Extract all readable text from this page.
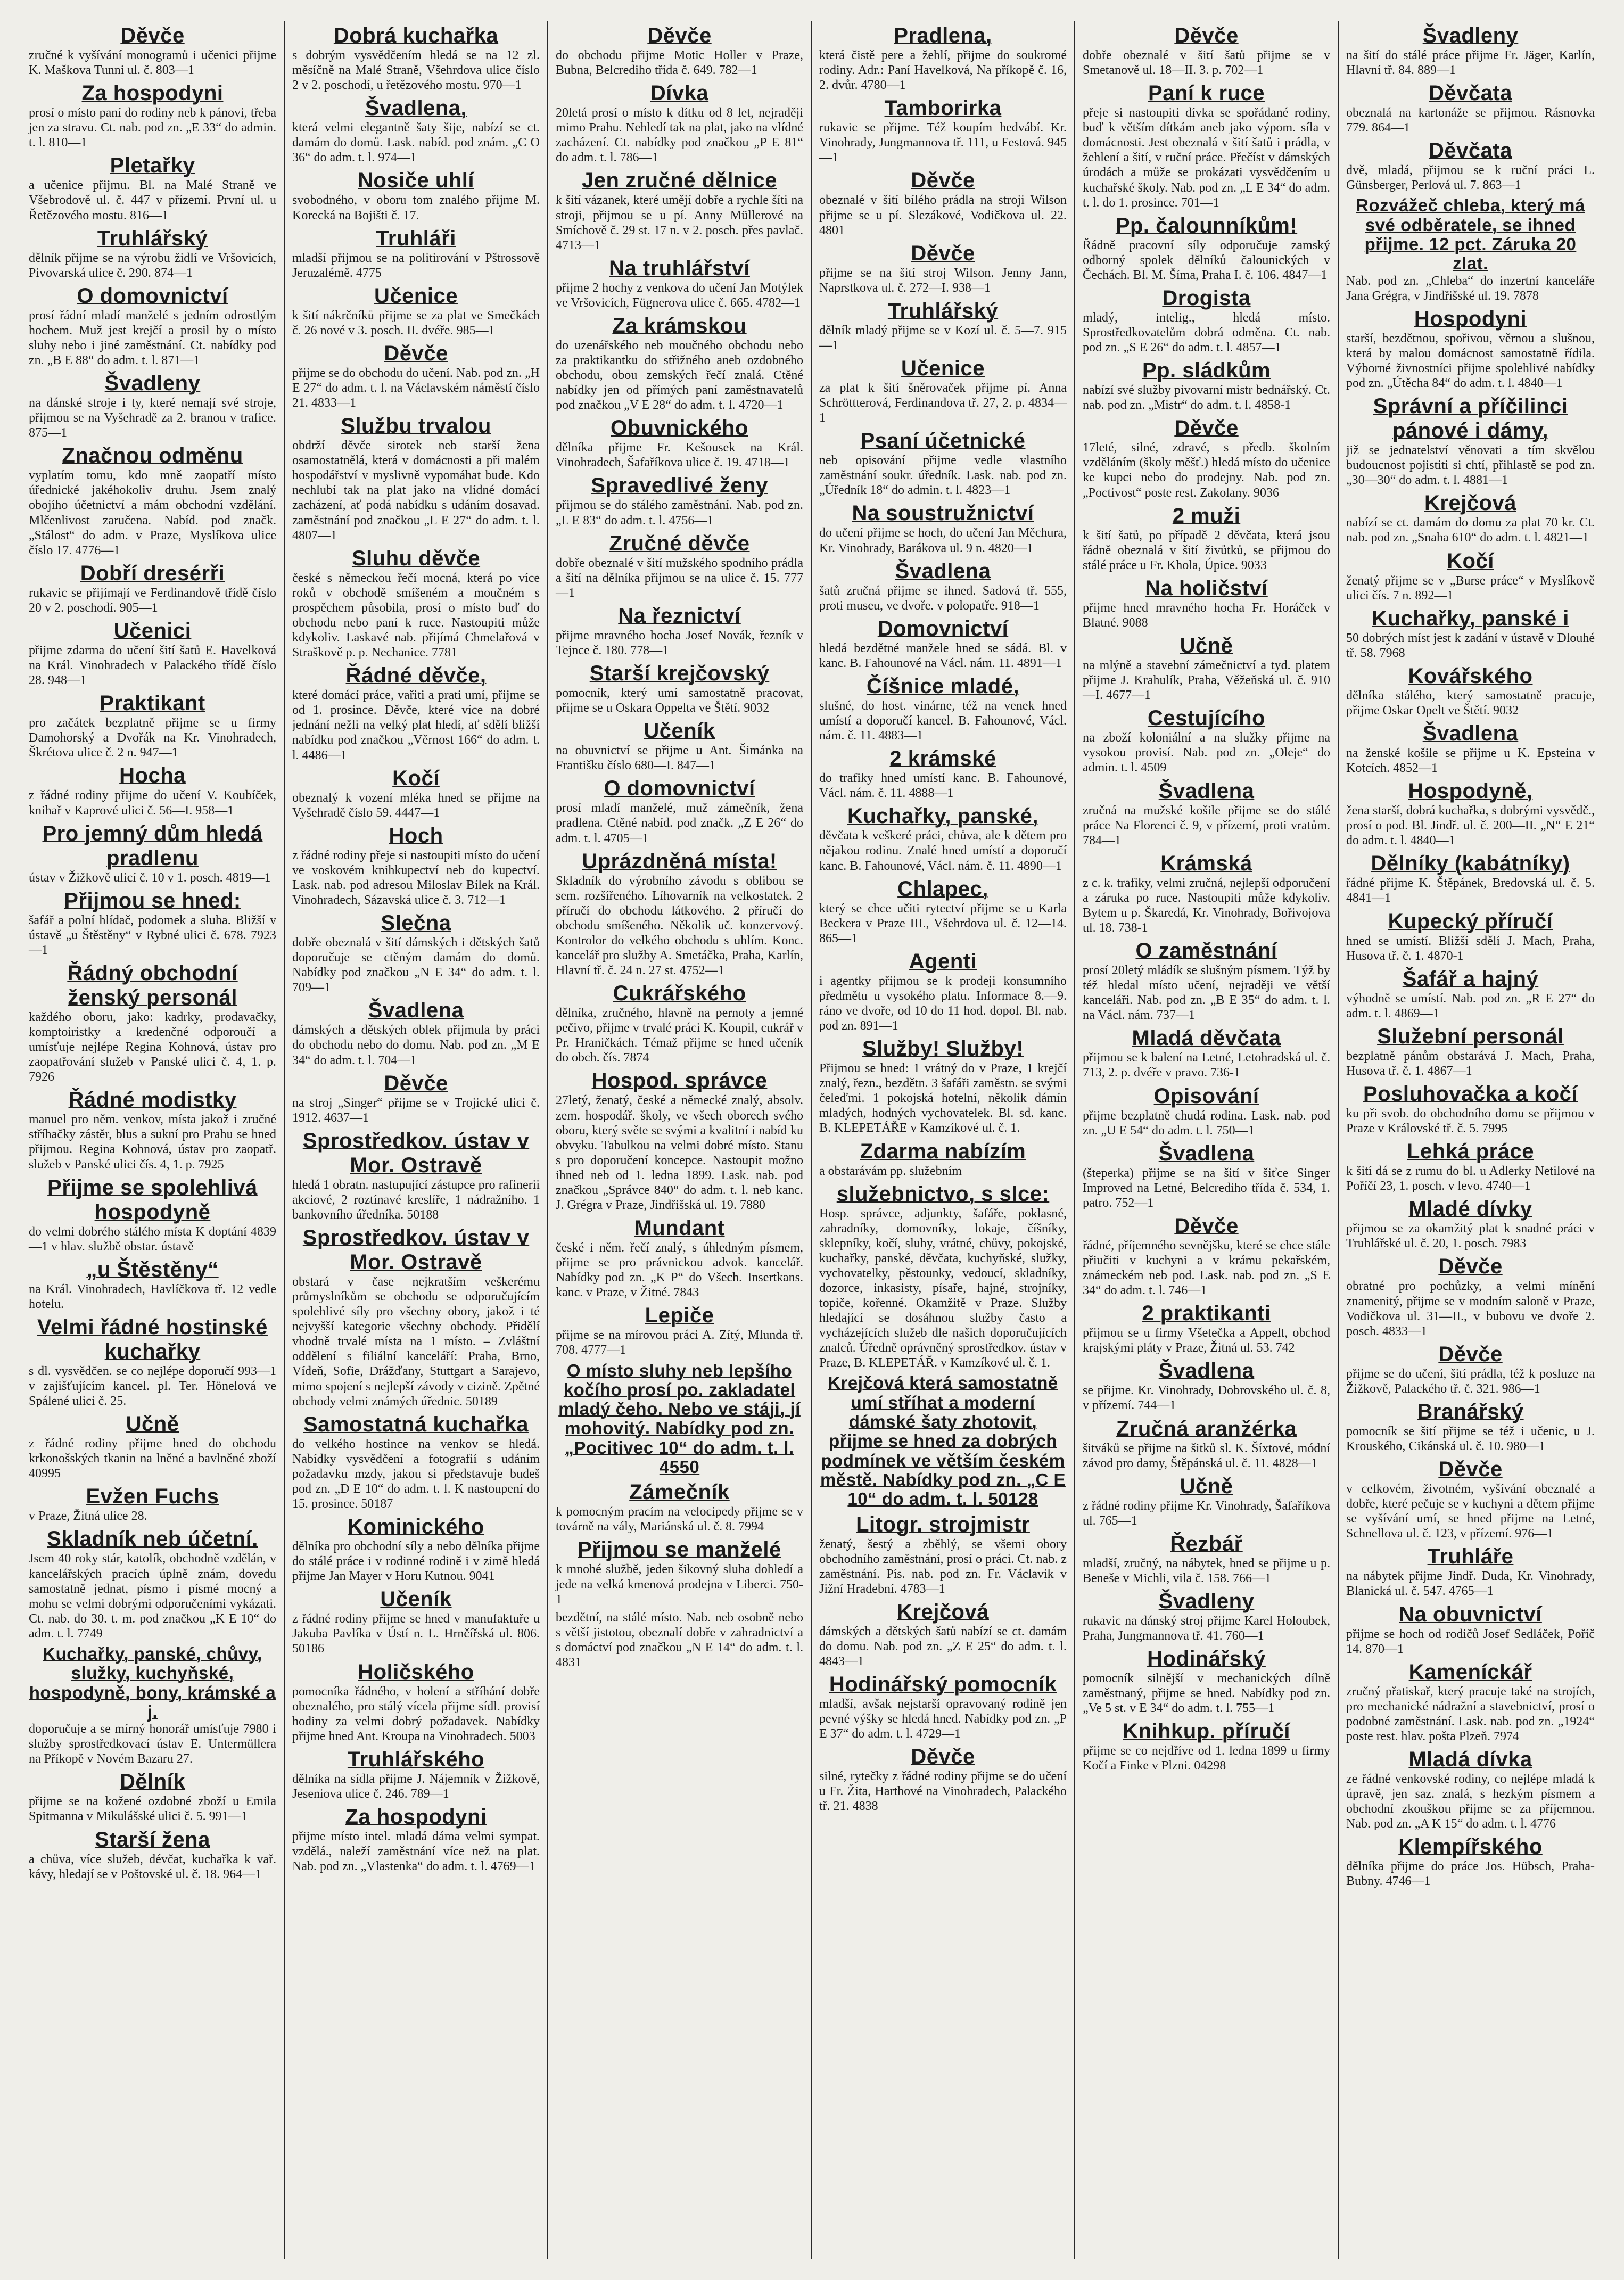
Děvče
zručné k vyšívání monogramů i učenici přijme K. Maškova Tunni ul. č. 803—1
Za hospodyni
prosí o místo paní do rodiny neb k pánovi, třeba jen za stravu. Ct. nab. pod zn. „E 33“ do admin. t. l. 810—1
Pletařky
a učenice přijmu. Bl. na Malé Straně ve Všebrodově ul. č. 447 v přízemí. První ul. u Řetězového mostu. 816—1
Truhlářský
dělník přijme se na výrobu židlí ve Vršovicích, Pivovarská ulice č. 290. 874—1
O domovnictví
prosí řádní mladí manželé s jedním odrostlým hochem. Muž jest krejčí a prosil by o místo sluhy nebo i jiné zaměstnání. Ct. nabídky pod zn. „B E 88“ do adm. t. l. 871—1
Švadleny
na dánské stroje i ty, které nemají své stroje, přijmou se na Vyšehradě za 2. branou v trafice. 875—1
Značnou odměnu
vyplatím tomu, kdo mně zaopatří místo úřednické jakéhokoliv druhu. Jsem znalý obojího účetnictví a mám obchodní vzdělání. Mlčenlivost zaručena. Nabíd. pod značk. „Stálost“ do adm. v Praze, Myslíkova ulice číslo 17. 4776—1
Dobří dresérři
rukavic se přijímají ve Ferdinandově třídě číslo 20 v 2. poschodí. 905—1
Učenici
přijme zdarma do učení šití šatů E. Havelková na Král. Vinohradech v Palackého třídě číslo 28. 948—1
Praktikant
pro začátek bezplatně přijme se u firmy Damohorský a Dvořák na Kr. Vinohradech, Škrétova ulice č. 2 n. 947—1
Hocha
z řádné rodiny přijme do učení V. Koubíček, knihař v Kaprové ulici č. 56—I. 958—1
Pro jemný dům hledá pradlenu
ústav v Žižkově ulicí č. 10 v 1. posch. 4819—1
Přijmou se hned:
šafář a polní hlídač, podomek a sluha. Bližší v ústavě „u Štěstěny“ v Rybné ulici č. 678. 7923—1
Řádný obchodní ženský personál
každého oboru, jako: kadrky, prodavačky, komptoiristky a kredenčné odporoučí a umísťuje nejlépe Regina Kohnová, ústav pro zaopatřování služeb v Panské ulici č. 4, 1. p. 7926
Řádné modistky
manuel pro něm. venkov, místa jakož i zručné stříhačky zástěr, blus a sukní pro Prahu se hned přijmou. Regina Kohnová, ústav pro zaopatř. služeb v Panské ulici čís. 4, 1. p. 7925
Přijme se spolehlivá hospodyně
do velmi dobrého stálého místa K doptání 4839—1 v hlav. službě obstar. ústavě
„u Štěstěny“
na Král. Vinohradech, Havlíčkova tř. 12 vedle hotelu.
Velmi řádné hostinské kuchařky
s dl. vysvědčen. se co nejlépe doporučí 993—1 v zajišťujícím kancel. pl. Ter. Hönelová ve Spálené ulici č. 25.
Učně
z řádné rodiny přijme hned do obchodu krkonošských tkanin na lněné a bavlněné zboží 40995
Evžen Fuchs
v Praze, Žitná ulice 28.
Skladník neb účetní.
Jsem 40 roky stár, katolík, obchodně vzdělán, v kancelářských pracích úplně znám, dovedu samostatně jednat, písmo i písmé mocný a mohu se velmi dobrými odporučeními vykázati. Ct. nab. do 30. t. m. pod značkou „K E 10“ do adm. t. l. 7749
Kuchařky, panské, chůvy, služky, kuchyňské, hospodyně, bony, krámské a j.
doporučuje a se mírný honorář umísťuje 7980 i služby sprostředkovací ústav E. Untermüllera na Příkopě v Novém Bazaru 27.
Dělník
přijme se na kožené ozdobné zboží u Emila Spitmanna v Mikulášské ulici č. 5. 991—1
Starší žena
a chůva, více služeb, dévčat, kuchařka k vař. kávy, hledají se v Poštovské ul. č. 18. 964—1
Dobrá kuchařka
s dobrým vysvědčením hledá se na 12 zl. měsíčně na Malé Straně, Všehrdova ulice číslo 2 v 2. poschodí, u řetězového mostu. 970—1
Švadlena,
která velmi elegantně šaty šije, nabízí se ct. damám do domů. Lask. nabíd. pod znám. „C O 36“ do adm. t. l. 974—1
Nosiče uhlí
svobodného, v oboru tom znalého přijme M. Korecká na Bojišti č. 17.
Truhláři
mladší přijmou se na politirování v Pštrossově Jeruzalémě. 4775
Učenice
k šití nákrčníků přijme se za plat ve Smečkách č. 26 nové v 3. posch. II. dvéře. 985—1
Děvče
přijme se do obchodu do učení. Nab. pod zn. „H E 27“ do adm. t. l. na Václavském náměstí číslo 21. 4833—1
Službu trvalou
obdrží děvče sirotek neb starší žena osamostatnělá, která v domácnosti a při malém hospodářství v myslivně vypomáhat bude. Kdo nechlubí tak na plat jako na vlídné domácí zacházení, ať podá nabídku s udáním dosavad. zaměstnání pod značkou „L E 27“ do adm. t. l. 4807—1
Sluhu děvče
české s německou řečí mocná, která po více roků v obchodě smíšeném a moučném s prospěchem působila, prosí o místo buď do obchodu nebo paní k ruce. Nastoupiti může kdykoliv. Laskavé nab. přijímá Chmelařová v Straškově p. p. Nechanice. 7781
Řádné děvče,
které domácí práce, vařiti a prati umí, přijme se od 1. prosince. Děvče, které více na dobré jednání nežli na velký plat hledí, ať sdělí bližší nabídku pod značkou „Věrnost 166“ do adm. t. l. 4486—1
Kočí
obeznalý k vození mléka hned se přijme na Vyšehradě číslo 59. 4447—1
Hoch
z řádné rodiny přeje si nastoupiti místo do učení ve voskovém knihkupectví neb do kupectví. Lask. nab. pod adresou Miloslav Bílek na Král. Vinohradech, Sázavská ulice č. 3. 712—1
Slečna
dobře obeznalá v šití dámských i dětských šatů doporučuje se ctěným damám do domů. Nabídky pod značkou „N E 34“ do adm. t. l. 709—1
Švadlena
dámských a dětských oblek přijmula by práci do obchodu nebo do domu. Nab. pod zn. „M E 34“ do adm. t. l. 704—1
Děvče
na stroj „Singer“ přijme se v Trojické ulici č. 1912. 4637—1
Sprostředkov. ústav v Mor. Ostravě
hledá 1 obratn. nastupující zástupce pro rafinerii akciové, 2 roztínavé kreslíře, 1 nádražního. 1 bankovního úředníka. 50188
Sprostředkov. ústav v Mor. Ostravě
obstará v čase nejkratším veškerému průmyslníkům se obchodu se odporučujícím spolehlivé síly pro všechny obory, jakož i té nejvyšší kategorie všechny obchody. Přidělí vhodně trvalé místa na 1 místo. – Zvláštní oddělení s filiální kanceláří: Praha, Brno, Vídeň, Sofie, Drážďany, Stuttgart a Sarajevo, mimo spojení s nejlepší závody v cizině. Zpětné obchody velmi známých úřednic. 50189
Samostatná kuchařka
do velkého hostince na venkov se hledá. Nabídky vysvědčení a fotografií s udáním požadavku mzdy, jakou si představuje budeš pod zn. „D E 10“ do adm. t. l. K nastoupení do 15. prosince. 50187
Kominického
dělníka pro obchodní síly a nebo dělníka přijme do stálé práce i v rodinné rodině i v zimě hledá přijme Jan Mayer v Horu Kutnou. 9041
Učeník
z řádné rodiny přijme se hned v manufaktuře u Jakuba Pavlíka v Ústí n. L. Hrnčířská ul. 806. 50186
Holičského
pomocníka řádného, v holení a stříhání dobře obeznalého, pro stálý vícela přijme sídl. provisí hodiny za velmi dobrý požadavek. Nabídky přijme hned Ant. Kroupa na Vinohradech. 5003
Truhlářského
dělníka na sídla přijme J. Nájemník v Žižkově, Jeseniova ulice č. 246. 789—1
Za hospodyni
přijme místo intel. mladá dáma velmi sympat. vzdělá., naleží zaměstnání více než na plat. Nab. pod zn. „Vlastenka“ do adm. t. l. 4769—1
Děvče
do obchodu přijme Motic Holler v Praze, Bubna, Belcrediho třída č. 649. 782—1
Dívka
20letá prosí o místo k dítku od 8 let, nejraději mimo Prahu. Nehledí tak na plat, jako na vlídné zacházení. Ct. nabídky pod značkou „P E 81“ do adm. t. l. 786—1
Jen zručné dělnice
k šití vázanek, které umějí dobře a rychle šíti na stroji, přijmou se u pí. Anny Müllerové na Smíchově č. 29 st. 17 n. v 2. posch. přes pavlač. 4713—1
Na truhlářství
přijme 2 hochy z venkova do učení Jan Motýlek ve Vršovicích, Fügnerova ulice č. 665. 4782—1
Za krámskou
do uzenářského neb moučného obchodu nebo za praktikantku do střižného aneb ozdobného obchodu, obou zemských řečí znalá. Ctěné nabídky jen od přímých paní zaměstnavatelů pod značkou „V E 28“ do adm. t. l. 4720—1
Obuvnického
dělníka přijme Fr. Kešousek na Král. Vinohradech, Šafaříkova ulice č. 19. 4718—1
Spravedlivé ženy
přijmou se do stálého zaměstnání. Nab. pod zn. „L E 83“ do adm. t. l. 4756—1
Zručné děvče
dobře obeznalé v šití mužského spodního prádla a šití na dělníka přijmou se na ulice č. 15. 777—1
Na řeznictví
přijme mravného hocha Josef Novák, řezník v Tejnce č. 180. 778—1
Starší krejčovský
pomocník, který umí samostatně pracovat, přijme se u Oskara Oppelta ve Štětí. 9032
Učeník
na obuvnictví se přijme u Ant. Šimánka na Františku číslo 680—I. 847—1
O domovnictví
prosí mladí manželé, muž zámečník, žena pradlena. Ctěné nabíd. pod značk. „Z E 26“ do adm. t. l. 4705—1
Uprázdněná místa!
Skladník do výrobního závodu s oblibou se sem. rozšířeného. Líhovarník na velkostatek. 2 příručí do obchodu látkového. 2 příručí do obchodu smíšeného. Několik uč. konzervový. Kontrolor do velkého obchodu s uhlím. Konc. kancelář pro služby A. Smetáčka, Praha, Karlín, Hlavní tř. č. 24 n. 27 st. 4752—1
Cukrářského
dělníka, zručného, hlavně na pernoty a jemné pečivo, přijme v trvalé práci K. Koupil, cukrář v Pr. Hraničkách. Témaž přijme se hned učeník do obch. čís. 7874
Hospod. správce
27letý, ženatý, české a německé znalý, absolv. zem. hospodář. školy, ve všech oborech svého oboru, který světe se svými a kvalitní i nabíd ku obvyku. Tabulkou na velmi dobré místo. Stanu s pro doporučení koncepce. Nastoupit možno ihned neb od 1. ledna 1899. Lask. nab. pod značkou „Správce 840“ do adm. t. l. neb kanc. J. Grégra v Praze, Jindřišská ul. 19. 7880
Mundant
české i něm. řečí znalý, s úhledným písmem, přijme se pro právnickou advok. kancelář. Nabídky pod zn. „K P“ do Všech. Insertkans. kanc. v Praze, v Žitné. 7843
Lepiče
přijme se na mírovou práci A. Zítý, Mlunda tř. 708. 4777—1
O místo sluhy neb lepšího kočího prosí po. zakladatel mladý čeho. Nebo ve stáji, jí mohovitý. Nabídky pod zn. „Pocitivec 10“ do adm. t. l. 4550
Zámečník
k pomocným pracím na velocipedy přijme se v továrně na vály, Mariánská ul. č. 8. 7994
Přijmou se manželé
k mnohé službě, jeden šikovný sluha dohledí a jede na velká kmenová prodejna v Liberci. 750-1
bezdětní, na stálé místo. Nab. neb osobně nebo s větší jistotou, obeznalí dobře v zahradnictví a s domáctví pod značkou „N E 14“ do adm. t. l. 4831
Pradlena,
která čistě pere a žehlí, přijme do soukromé rodiny. Adr.: Paní Havelková, Na příkopě č. 16, 2. dvůr. 4780—1
Tamborirka
rukavic se přijme. Též koupím hedvábí. Kr. Vinohrady, Jungmannova tř. 111, u Festová. 945—1
Děvče
obeznalé v šití bílého prádla na stroji Wilson přijme se u pí. Slezákové, Vodičkova ul. 22. 4801
Děvče
přijme se na šití stroj Wilson. Jenny Jann, Naprstkova ul. č. 272—I. 938—1
Truhlářský
dělník mladý přijme se v Kozí ul. č. 5—7. 915—1
Učenice
za plat k šití šněrovaček přijme pí. Anna Schröttterová, Ferdinandova tř. 27, 2. p. 4834—1
Psaní účetnické
neb opisování přijme vedle vlastního zaměstnání soukr. úředník. Lask. nab. pod zn. „Úředník 18“ do admin. t. l. 4823—1
Na soustružnictví
do učení přijme se hoch, do učení Jan Měchura, Kr. Vinohrady, Barákova ul. 9 n. 4820—1
Švadlena
šatů zručná přijme se ihned. Sadová tř. 555, proti museu, ve dvoře. v polopatře. 918—1
Domovnictví
hledá bezdětné manžele hned se sádá. Bl. v kanc. B. Fahounové na Václ. nám. 11. 4891—1
Číšnice mladé,
slušné, do host. vinárne, též na venek hned umístí a doporučí kancel. B. Fahounové, Václ. nám. č. 11. 4883—1
2 krámské
do trafiky hned umístí kanc. B. Fahounové, Václ. nám. č. 11. 4888—1
Kuchařky, panské,
děvčata k veškeré práci, chůva, ale k dětem pro nějakou rodinu. Znalé hned umístí a doporučí kanc. B. Fahounové, Václ. nám. č. 11. 4890—1
Chlapec,
který se chce učiti rytectví přijme se u Karla Beckera v Praze III., Všehrdova ul. č. 12—14. 865—1
Agenti
i agentky přijmou se k prodeji konsumního předmětu u vysokého platu. Informace 8.—9. ráno ve dvoře, od 10 do 11 hod. dopol. Bl. nab. pod zn. 891—1
Služby! Služby!
Přijmou se hned: 1 vrátný do v Praze, 1 krejčí znalý, řezn., bezdětn. 3 šafáři zaměstn. se svými čeleďmi. 1 pokojská hotelní, několik dámín mladých, hodných vychovatelek. Bl. sd. kanc. B. KLEPETÁŘE v Kamzíkové ul. č. 1.
Zdarma nabízím
a obstarávám pp. služebním
služebnictvo, s slce:
Hosp. správce, adjunkty, šafáře, poklasné, zahradníky, domovníky, lokaje, číšníky, sklepníky, kočí, sluhy, vrátné, chůvy, pokojské, kuchařky, panské, děvčata, kuchyňské, služky, vychovatelky, pěstounky, vedoucí, skladníky, dozorce, inkasisty, písaře, hajné, strojníky, topiče, kořenné. Okamžitě v Praze. Služby hledající se dosáhnou služby často a vycházejících služeb dle našich doporučujících znalců. Úředně oprávněný sprostředkov. ústav v Praze, B. KLEPETÁŘ. v Kamzíkové ul. č. 1.
Krejčová která samostatně umí stříhat a moderní dámské šaty zhotovit, přijme se hned za dobrých podmínek ve větším českém městě. Nabídky pod zn. „C E 10“ do adm. t. l. 50128
Litogr. strojmistr
ženatý, šestý a zběhlý, se všemi obory obchodního zaměstnání, prosí o práci. Ct. nab. z zaměstnání. Pís. nab. pod zn. Fr. Václavik v Jižní Hradební. 4783—1
Krejčová
dámských a dětských šatů nabízí se ct. damám do domu. Nab. pod zn. „Z E 25“ do adm. t. l. 4843—1
Hodinářský pomocník
mladší, avšak nejstarší opravovaný rodině jen pevné výšky se hledá hned. Nabídky pod zn. „P E 37“ do adm. t. l. 4729—1
Děvče
silné, rytečky z řádné rodiny přijme se do učení u Fr. Žita, Harthové na Vinohradech, Palackého tř. 21. 4838
Děvče
dobře obeznalé v šití šatů přijme se v Smetanově ul. 18—II. 3. p. 702—1
Paní k ruce
přeje si nastoupiti dívka se spořádané rodiny, buď k větším dítkám aneb jako výpom. síla v domácnosti. Jest obeznalá v šití šatů i prádla, v žehlení a šití, v ruční práce. Přečíst v dámských úrodách a může se prokázati vysvědčením u kuchařské školy. Nab. pod zn. „L E 34“ do adm. t. l. do 1. prosince. 701—1
Pp. čalounníkům!
Řádně pracovní síly odporučuje zamský odborný spolek dělníků čalounických v Čechách. Bl. M. Šíma, Praha I. č. 106. 4847—1
Drogista
mladý, intelig., hledá místo. Sprostředkovatelům dobrá odměna. Ct. nab. pod zn. „S E 26“ do adm. t. l. 4857—1
Pp. sládkům
nabízí své služby pivovarní mistr bednářský. Ct. nab. pod zn. „Mistr“ do adm. t. l. 4858-1
Děvče
17leté, silné, zdravé, s předb. školním vzděláním (školy měšť.) hledá místo do učenice ke kupci nebo do prodejny. Nab. pod zn. „Poctivost“ poste rest. Zakolany. 9036
2 muži
k šití šatů, po případě 2 děvčata, která jsou řádně obeznalá v šití živůtků, se přijmou do stálé práce u Fr. Khola, Úpice. 9033
Na holičství
přijme hned mravného hocha Fr. Horáček v Blatné. 9088
Učně
na mlýně a stavební zámečnictví a tyd. platem přijme J. Krahulík, Praha, Věžeňská ul. č. 910—I. 4677—1
Cestujícího
na zboží koloniální a na služky přijme na vysokou provisí. Nab. pod zn. „Oleje“ do admin. t. l. 4509
Švadlena
zručná na mužské košile přijme se do stálé práce Na Florenci č. 9, v přízemí, proti vratům. 784—1
Krámská
z c. k. trafiky, velmi zručná, nejlepší odporučení a záruka po ruce. Nastoupiti může kdykoliv. Bytem u p. Škaredá, Kr. Vinohrady, Bořivojova ul. 18. 738-1
O zaměstnání
prosí 20letý mládík se slušným písmem. Týž by též hledal místo učení, nejraději ve větší kanceláři. Nab. pod zn. „B E 35“ do adm. t. l. na Václ. nám. 737—1
Mladá děvčata
přijmou se k balení na Letné, Letohradská ul. č. 713, 2. p. dvéře v pravo. 736-1
Opisování
přijme bezplatně chudá rodina. Lask. nab. pod zn. „U E 54“ do adm. t. l. 750—1
Švadlena
(šteperka) přijme se na šití v šiťce Singer Improved na Letné, Belcrediho třída č. 534, 1. patro. 752—1
Děvče
řádné, příjemného sevnějšku, které se chce stále přiučiti v kuchyni a v krámu pekařském, známeckém neb pod. Lask. nab. pod zn. „S E 34“ do adm. t. l. 746—1
2 praktikanti
přijmou se u firmy Všetečka a Appelt, obchod krajskými pláty v Praze, Žitná ul. 53. 742
Švadlena
se přijme. Kr. Vinohrady, Dobrovského ul. č. 8, v přízemí. 744—1
Zručná aranžérka
šitváků se přijme na šitků sl. K. Šíxtové, módní závod pro damy, Štěpánská ul. č. 11. 4828—1
Učně
z řádné rodiny přijme Kr. Vinohrady, Šafaříkova ul. 765—1
Řezbář
mladší, zručný, na nábytek, hned se přijme u p. Beneše v Michli, vila č. 158. 766—1
Švadleny
rukavic na dánský stroj přijme Karel Holoubek, Praha, Jungmannova tř. 41. 760—1
Hodinářský
pomocník silnější v mechanických dílně zaměstnaný, přijme se hned. Nabídky pod zn. „Ve 5 st. v E 34“ do adm. t. l. 755—1
Knihkup. příručí
přijme se co nejdříve od 1. ledna 1899 u firmy Kočí a Finke v Plzni. 04298
Švadleny
na šití do stálé práce přijme Fr. Jäger, Karlín, Hlavní tř. 84. 889—1
Děvčata
obeznalá na kartonáže se přijmou. Rásnovka 779. 864—1
Děvčata
dvě, mladá, přijmou se k ruční práci L. Günsberger, Perlová ul. 7. 863—1
Rozvážeč chleba, který má své odběratele, se ihned přijme. 12 pct. Záruka 20 zlat.
Nab. pod zn. „Chleba“ do inzertní kanceláře Jana Grégra, v Jindřišské ul. 19. 7878
Hospodyni
starší, bezdětnou, spořivou, věrnou a slušnou, která by malou domácnost samostatně řídila. Výborné živnostníci přijme spolehlivé nabídky pod zn. „Útěcha 84“ do adm. t. l. 4840—1
Správní a příčilinci pánové i dámy,
již se jednatelství věnovati a tím skvělou budoucnost pojistiti si chtí, přihlastě se pod zn. „30—30“ do adm. t. l. 4881—1
Krejčová
nabízí se ct. damám do domu za plat 70 kr. Ct. nab. pod zn. „Snaha 610“ do adm. t. l. 4821—1
Kočí
ženatý přijme se v „Burse práce“ v Myslíkově ulici čís. 7 n. 892—1
Kuchařky, panské i
50 dobrých míst jest k zadání v ústavě v Dlouhé tř. 58. 7968
Kovářského
dělníka stálého, který samostatně pracuje, přijme Oskar Opelt ve Štětí. 9032
Švadlena
na ženské košile se přijme u K. Epsteina v Kotcích. 4852—1
Hospodyně,
žena starší, dobrá kuchařka, s dobrými vysvědč., prosí o pod. Bl. Jindř. ul. č. 200—II. „N“ E 21“ do adm. t. l. 4840—1
Dělníky (kabátníky)
řádné přijme K. Štěpánek, Bredovská ul. č. 5. 4841—1
Kupecký příručí
hned se umístí. Bližší sdělí J. Mach, Praha, Husova tř. č. 1. 4870-1
Šafář a hajný
výhodně se umístí. Nab. pod zn. „R E 27“ do adm. t. l. 4869—1
Služební personál
bezplatně pánům obstarává J. Mach, Praha, Husova tř. č. 1. 4867—1
Posluhovačka a kočí
ku při svob. do obchodního domu se přijmou v Praze v Královské tř. č. 5. 7995
Lehká práce
k šití dá se z rumu do bl. u Adlerky Netilové na Poříčí 23, 1. posch. v levo. 4740—1
Mladé dívky
přijmou se za okamžitý plat k snadné práci v Truhlářské ul. č. 20, 1. posch. 7983
Děvče
obratné pro pochůzky, a velmi mínění znamenitý, přijme se v modním saloně v Praze, Vodičkova ul. 31—II., v bubovu ve dvoře 2. posch. 4833—1
Děvče
přijme se do učení, šití prádla, též k posluze na Žižkově, Palackého tř. č. 321. 986—1
Branářský
pomocník se šití přijme se též i učenic, u J. Krouského, Cikánská ul. č. 10. 980—1
Děvče
v celkovém, životném, vyšívání obeznalé a dobře, které pečuje se v kuchyni a dětem přijme se vyšívání umí, se hned přijme na Letné, Schnellova ul. č. 123, v přízemí. 976—1
Truhláře
na nábytek přijme Jindř. Duda, Kr. Vinohrady, Blanická ul. č. 547. 4765—1
Na obuvnictví
přijme se hoch od rodičů Josef Sedláček, Poříč 14. 870—1
Kameníckář
zručný přatiskař, který pracuje také na strojích, pro mechanické nádražní a stavebnictví, prosí o podobné zaměstnání. Lask. nab. pod zn. „1924“ poste rest. hlav. pošta Plzeň. 7974
Mladá dívka
ze řádné venkovské rodiny, co nejlépe mladá k úpravě, jen saz. znalá, s hezkým písmem a obchodní zkouškou přijme se za příjemnou. Nab. pod zn. „A K 15“ do adm. t. l. 4776
Klempířského
dělníka přijme do práce Jos. Hübsch, Praha-Bubny. 4746—1
